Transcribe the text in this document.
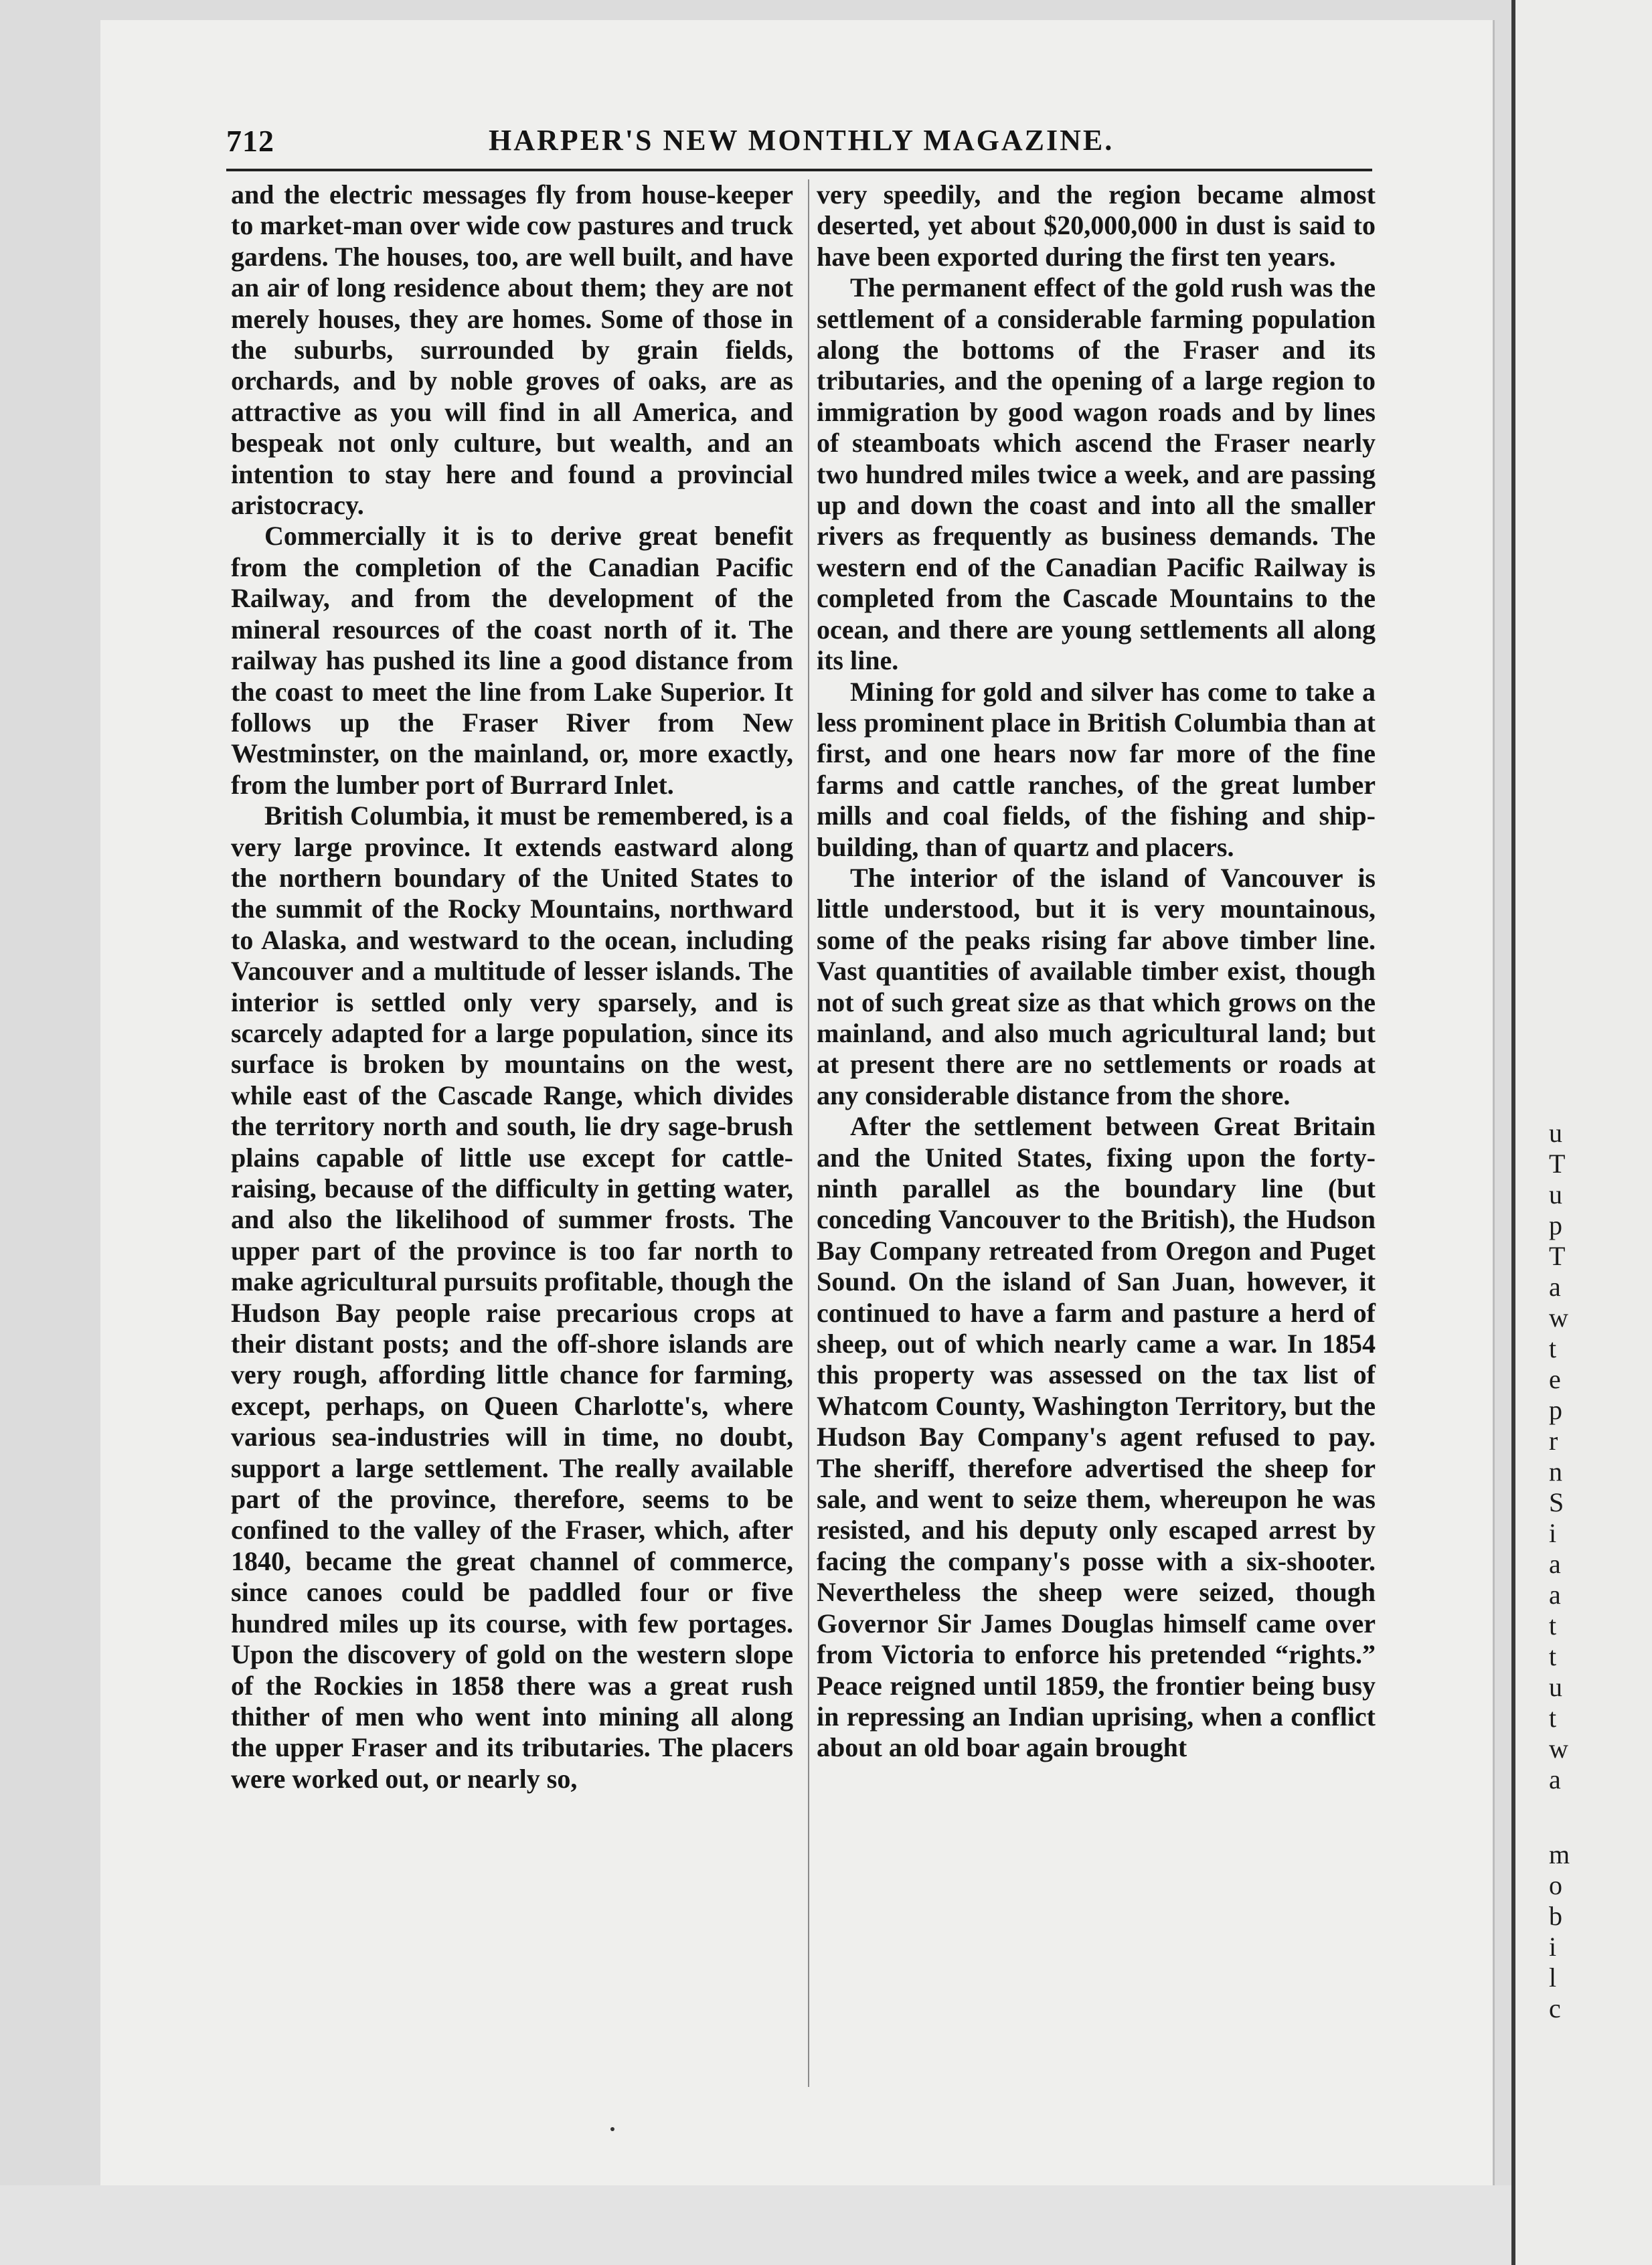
u
T
u
p
T
a
w
t
e
p
r
n
S
i
a
a
t
t
u
t
w
a
m
o
b
i
l
c
712	HARPER'S NEW MONTHLY MAGAZINE.

and the electric messages fly from house-keeper to market-man over wide cow pastures and truck gardens. The houses, too, are well built, and have an air of long residence about them; they are not merely houses, they are homes. Some of those in the suburbs, surrounded by grain fields, orchards, and by noble groves of oaks, are as attractive as you will find in all America, and bespeak not only culture, but wealth, and an intention to stay here and found a provincial aristocracy.

Commercially it is to derive great benefit from the completion of the Canadian Pacific Railway, and from the development of the mineral resources of the coast north of it. The railway has pushed its line a good distance from the coast to meet the line from Lake Superior. It follows up the Fraser River from New Westminster, on the mainland, or, more exactly, from the lumber port of Burrard Inlet.

British Columbia, it must be remembered, is a very large province. It extends eastward along the northern boundary of the United States to the summit of the Rocky Mountains, northward to Alaska, and westward to the ocean, including Vancouver and a multitude of lesser islands. The interior is settled only very sparsely, and is scarcely adapted for a large population, since its surface is broken by mountains on the west, while east of the Cascade Range, which divides the territory north and south, lie dry sage-brush plains capable of little use except for cattle-raising, because of the difficulty in getting water, and also the likelihood of summer frosts. The upper part of the province is too far north to make agricultural pursuits profitable, though the Hudson Bay people raise precarious crops at their distant posts; and the off-shore islands are very rough, affording little chance for farming, except, perhaps, on Queen Charlotte's, where various sea-industries will in time, no doubt, support a large settlement. The really available part of the province, therefore, seems to be confined to the valley of the Fraser, which, after 1840, became the great channel of commerce, since canoes could be paddled four or five hundred miles up its course, with few portages. Upon the discovery of gold on the western slope of the Rockies in 1858 there was a great rush thither of men who went into mining all along the upper Fraser and its tributaries. The placers were worked out, or nearly so,

very speedily, and the region became almost deserted, yet about $20,000,000 in dust is said to have been exported during the first ten years.

The permanent effect of the gold rush was the settlement of a considerable farming population along the bottoms of the Fraser and its tributaries, and the opening of a large region to immigration by good wagon roads and by lines of steamboats which ascend the Fraser nearly two hundred miles twice a week, and are passing up and down the coast and into all the smaller rivers as frequently as business demands. The western end of the Canadian Pacific Railway is completed from the Cascade Mountains to the ocean, and there are young settlements all along its line.

Mining for gold and silver has come to take a less prominent place in British Columbia than at first, and one hears now far more of the fine farms and cattle ranches, of the great lumber mills and coal fields, of the fishing and ship-building, than of quartz and placers.

The interior of the island of Vancouver is little understood, but it is very mountainous, some of the peaks rising far above timber line. Vast quantities of available timber exist, though not of such great size as that which grows on the mainland, and also much agricultural land; but at present there are no settlements or roads at any considerable distance from the shore.

After the settlement between Great Britain and the United States, fixing upon the forty-ninth parallel as the boundary line (but conceding Vancouver to the British), the Hudson Bay Company retreated from Oregon and Puget Sound. On the island of San Juan, however, it continued to have a farm and pasture a herd of sheep, out of which nearly came a war. In 1854 this property was assessed on the tax list of Whatcom County, Washington Territory, but the Hudson Bay Company's agent refused to pay. The sheriff, therefore advertised the sheep for sale, and went to seize them, whereupon he was resisted, and his deputy only escaped arrest by facing the company's posse with a six-shooter. Nevertheless the sheep were seized, though Governor Sir James Douglas himself came over from Victoria to enforce his pretended “rights.” Peace reigned until 1859, the frontier being busy in repressing an Indian uprising, when a conflict about an old boar again brought
